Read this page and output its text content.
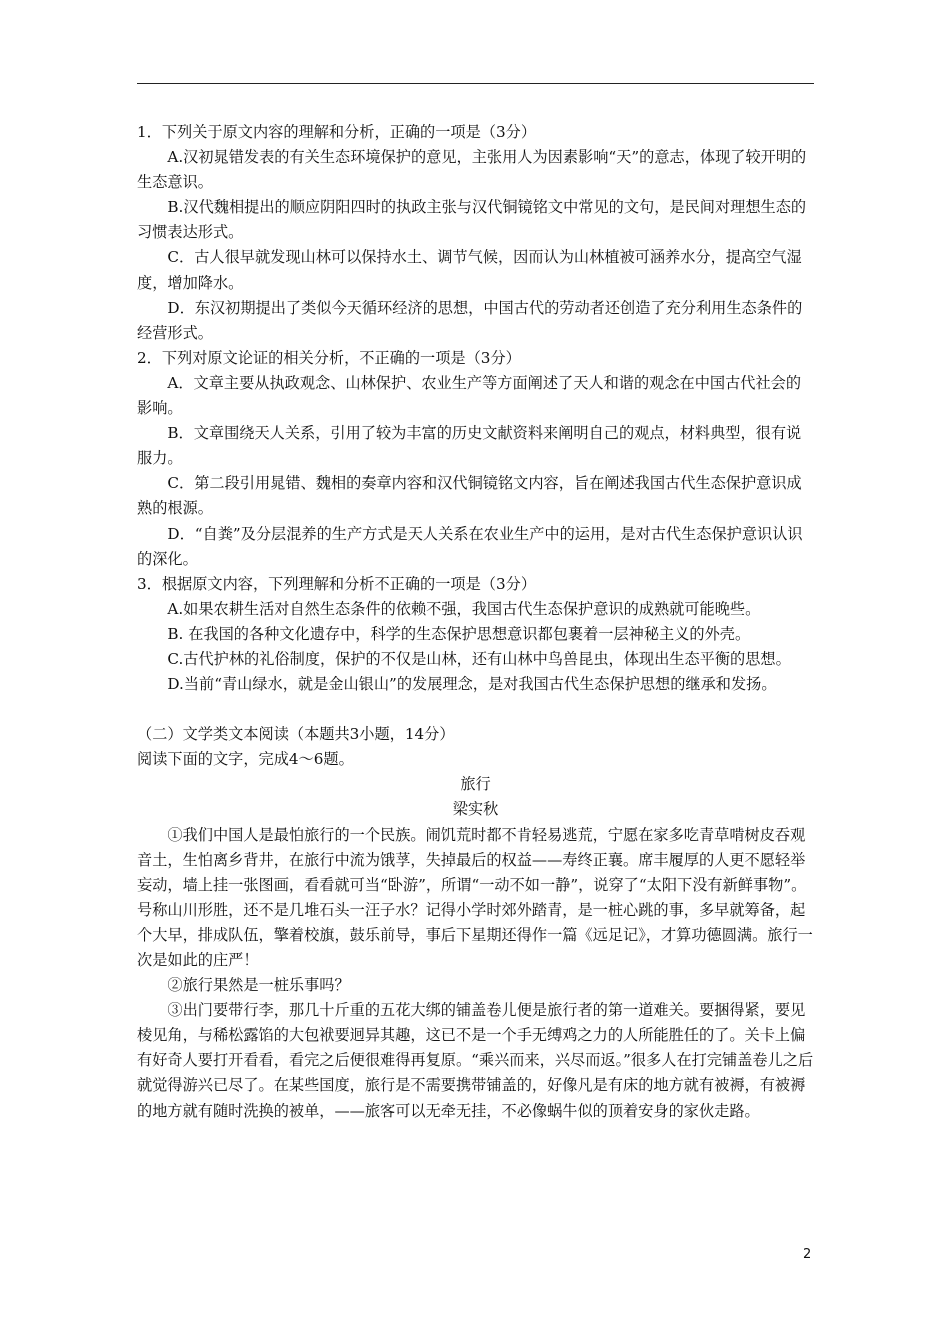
1．下列关于原文内容的理解和分析，正确的一项是（3分）

A.汉初晁错发表的有关生态环境保护的意见，主张用人为因素影响“天”的意志，体现了较开明的生态意识。

B.汉代魏相提出的顺应阴阳四时的执政主张与汉代铜镜铭文中常见的文句，是民间对理想生态的习惯表达形式。

C．古人很早就发现山林可以保持水土、调节气候，因而认为山林植被可涵养水分，提高空气湿度，增加降水。

D．东汉初期提出了类似今天循环经济的思想，中国古代的劳动者还创造了充分利用生态条件的经营形式。

2．下列对原文论证的相关分析，不正确的一项是（3分）

A．文章主要从执政观念、山林保护、农业生产等方面阐述了天人和谐的观念在中国古代社会的影响。

B．文章围绕天人关系，引用了较为丰富的历史文献资料来阐明自己的观点，材料典型，很有说服力。

C．第二段引用晁错、魏相的奏章内容和汉代铜镜铭文内容，旨在阐述我国古代生态保护意识成熟的根源。

D．“自粪”及分层混养的生产方式是天人关系在农业生产中的运用，是对古代生态保护意识认识的深化。

3．根据原文内容，下列理解和分析不正确的一项是（3分）

A.如果农耕生活对自然生态条件的依赖不强，我国古代生态保护意识的成熟就可能晚些。

B. 在我国的各种文化遗存中，科学的生态保护思想意识都包裹着一层神秘主义的外壳。

C.古代护林的礼俗制度，保护的不仅是山林，还有山林中鸟兽昆虫，体现出生态平衡的思想。

D.当前“青山绿水，就是金山银山”的发展理念，是对我国古代生态保护思想的继承和发扬。

（二）文学类文本阅读（本题共3小题，14分）

阅读下面的文字，完成4～6题。

旅行

梁实秋

①我们中国人是最怕旅行的一个民族。闹饥荒时都不肯轻易逃荒，宁愿在家多吃青草啃树皮吞观音土，生怕离乡背井，在旅行中流为饿莩，失掉最后的权益——寿终正襄。席丰履厚的人更不愿轻举妄动，墙上挂一张图画，看看就可当“卧游”，所谓“一动不如一静”，说穿了“太阳下没有新鲜事物”。号称山川形胜，还不是几堆石头一汪子水？记得小学时郊外踏青，是一桩心跳的事，多早就筹备，起个大早，排成队伍，擎着校旗，鼓乐前导，事后下星期还得作一篇《远足记》，才算功德圆满。旅行一次是如此的庄严！

②旅行果然是一桩乐事吗？

③出门要带行李，那几十斤重的五花大绑的铺盖卷儿便是旅行者的第一道难关。要捆得紧，要见棱见角，与稀松露馅的大包袱要迥异其趣，这已不是一个手无缚鸡之力的人所能胜任的了。关卡上偏有好奇人要打开看看，看完之后便很难得再复原。“乘兴而来，兴尽而返。”很多人在打完铺盖卷儿之后就觉得游兴已尽了。在某些国度，旅行是不需要携带铺盖的，好像凡是有床的地方就有被褥，有被褥的地方就有随时洗换的被单，——旅客可以无牵无挂，不必像蜗牛似的顶着安身的家伙走路。

2
